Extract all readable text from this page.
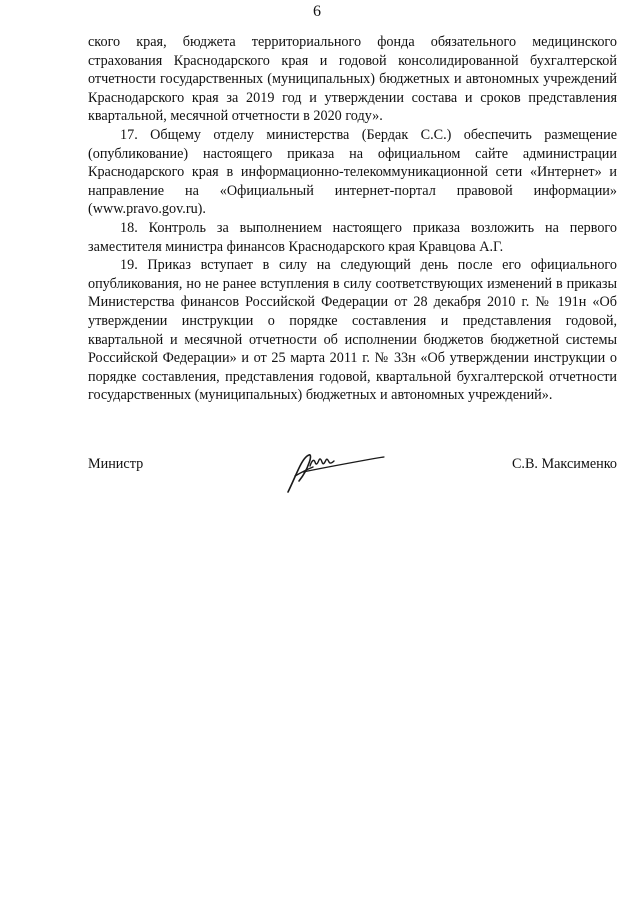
6

ского края, бюджета территориального фонда обязательного медицинского страхования Краснодарского края и годовой консолидированной бухгалтерской отчетности государственных (муниципальных) бюджетных и автономных учреждений Краснодарского края за 2019 год и утверждении состава и сроков представления квартальной, месячной отчетности в 2020 году».

17. Общему отделу министерства (Бердак С.С.) обеспечить размещение (опубликование) настоящего приказа на официальном сайте администрации Краснодарского края в информационно-телекоммуникационной сети «Интернет» и направление на «Официальный интернет-портал правовой информации» (www.pravo.gov.ru).

18. Контроль за выполнением настоящего приказа возложить на первого заместителя министра финансов Краснодарского края Кравцова А.Г.

19. Приказ вступает в силу на следующий день после его официального опубликования, но не ранее вступления в силу соответствующих изменений в приказы Министерства финансов Российской Федерации от 28 декабря 2010 г. № 191н «Об утверждении инструкции о порядке составления и представления годовой, квартальной и месячной отчетности об исполнении бюджетов бюджетной системы Российской Федерации» и от 25 марта 2011 г. № 33н «Об утверждении инструкции о порядке составления, представления годовой, квартальной бухгалтерской отчетности государственных (муниципальных) бюджетных и автономных учреждений».

Министр	С.В. Максименко
